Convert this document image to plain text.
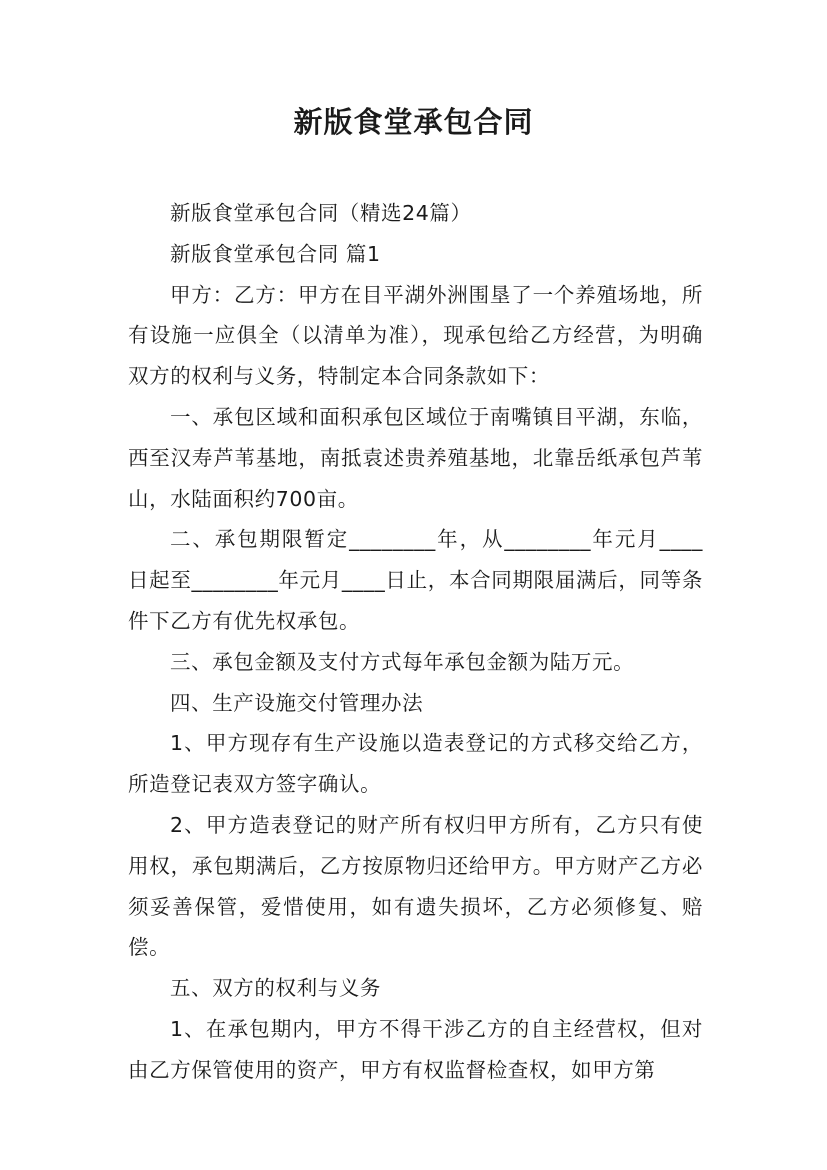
新版食堂承包合同

新版食堂承包合同（精选24篇）

新版食堂承包合同 篇1

甲方：乙方：甲方在目平湖外洲围垦了一个养殖场地，所有设施一应俱全（以清单为准），现承包给乙方经营，为明确双方的权利与义务，特制定本合同条款如下：

一、承包区域和面积承包区域位于南嘴镇目平湖，东临，西至汉寿芦苇基地，南抵袁述贵养殖基地，北靠岳纸承包芦苇山，水陆面积约700亩。

二、承包期限暂定________年，从________年元月____日起至________年元月____日止，本合同期限届满后，同等条件下乙方有优先权承包。

三、承包金额及支付方式每年承包金额为陆万元。

四、生产设施交付管理办法

1、甲方现存有生产设施以造表登记的方式移交给乙方，所造登记表双方签字确认。

2、甲方造表登记的财产所有权归甲方所有，乙方只有使用权，承包期满后，乙方按原物归还给甲方。甲方财产乙方必须妥善保管，爱惜使用，如有遗失损坏，乙方必须修复、赔偿。

五、双方的权利与义务

1、在承包期内，甲方不得干涉乙方的自主经营权，但对由乙方保管使用的资产，甲方有权监督检查权，如甲方第
